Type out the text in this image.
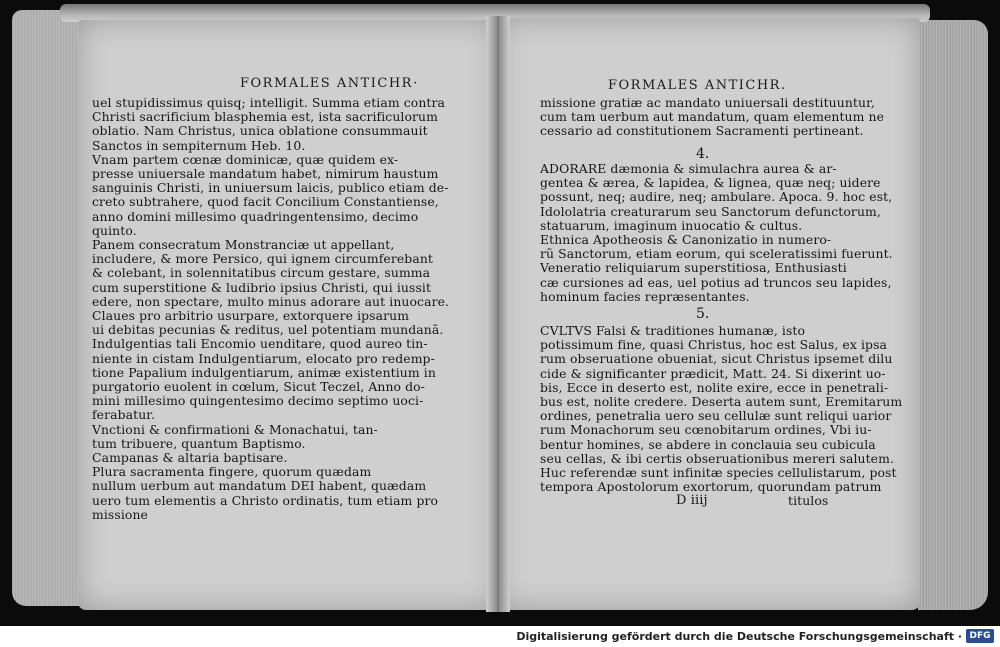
FORMALES ANTICHR·	FORMALES ANTICHR.

uel stupidissimus quisq; intelligit. Summa etiam contra

Christi sacrificium blasphemia est, ista sacrificulorum

oblatio. Nam Christus, unica oblatione consummauit

Sanctos in sempiternum Heb. 10.

Vnam partem cœnæ dominicæ, quæ quidem ex-

presse uniuersale mandatum habet, nimirum haustum

sanguinis Christi, in uniuersum laicis, publico etiam de-

creto subtrahere, quod facit Concilium Constantiense,

anno domini millesimo quadringentensimo, decimo

quinto.

Panem consecratum Monstranciæ ut appellant,

includere, & more Persico, qui ignem circumferebant

& colebant, in solennitatibus circum gestare, summa

cum superstitione & ludibrio ipsius Christi, qui iussit

edere, non spectare, multo minus adorare aut inuocare.

Claues pro arbitrio usurpare, extorquere ipsarum

ui debitas pecunias & reditus, uel potentiam mundanã.

Indulgentias tali Encomio uenditare, quod aureo tin-

niente in cistam Indulgentiarum, elocato pro redemp-

tione Papalium indulgentiarum, animæ existentium in

purgatorio euolent in cœlum, Sicut Teczel, Anno do-

mini millesimo quingentesimo decimo septimo uoci-

ferabatur.

Vnctioni & confirmationi & Monachatui, tan-

tum tribuere, quantum Baptismo.

Campanas & altaria baptisare.

Plura sacramenta fingere, quorum quædam

nullum uerbum aut mandatum DEI habent, quædam

uero tum elementis a Christo ordinatis, tum etiam pro

missione

missione gratiæ ac mandato uniuersali destituuntur,

cum tam uerbum aut mandatum, quam elementum ne

cessario ad constitutionem Sacramenti pertineant.

4.

ADORARE dæmonia & simulachra aurea & ar-

gentea & ærea, & lapidea, & lignea, quæ neq; uidere

possunt, neq; audire, neq; ambulare. Apoca. 9. hoc est,

Idololatria creaturarum seu Sanctorum defunctorum,

statuarum, imaginum inuocatio & cultus.

Ethnica Apotheosis & Canonizatio in numero-

rũ Sanctorum, etiam eorum, qui sceleratissimi fuerunt.

Veneratio reliquiarum superstitiosa, Enthusiasti

cæ cursiones ad eas, uel potius ad truncos seu lapides,

hominum facies repræsentantes.

5.

CVLTVS Falsi & traditiones humanæ, isto

potissimum fine, quasi Christus, hoc est Salus, ex ipsa

rum obseruatione obueniat, sicut Christus ipsemet dilu

cide & significanter prædicit, Matt. 24. Si dixerint uo-

bis, Ecce in deserto est, nolite exire, ecce in penetrali-

bus est, nolite credere. Deserta autem sunt, Eremitarum

ordines, penetralia uero seu cellulæ sunt reliqui uarior

rum Monachorum seu cœnobitarum ordines, Vbi iu-

bentur homines, se abdere in conclauia seu cubicula

seu cellas, & ibi certis obseruationibus mereri salutem.

Huc referendæ sunt infinitæ species cellulistarum, post

tempora Apostolorum exortorum, quorundam patrum

D iiij	titulos
Digitalisierung gefördert durch die Deutsche Forschungsgemeinschaft · DFG
